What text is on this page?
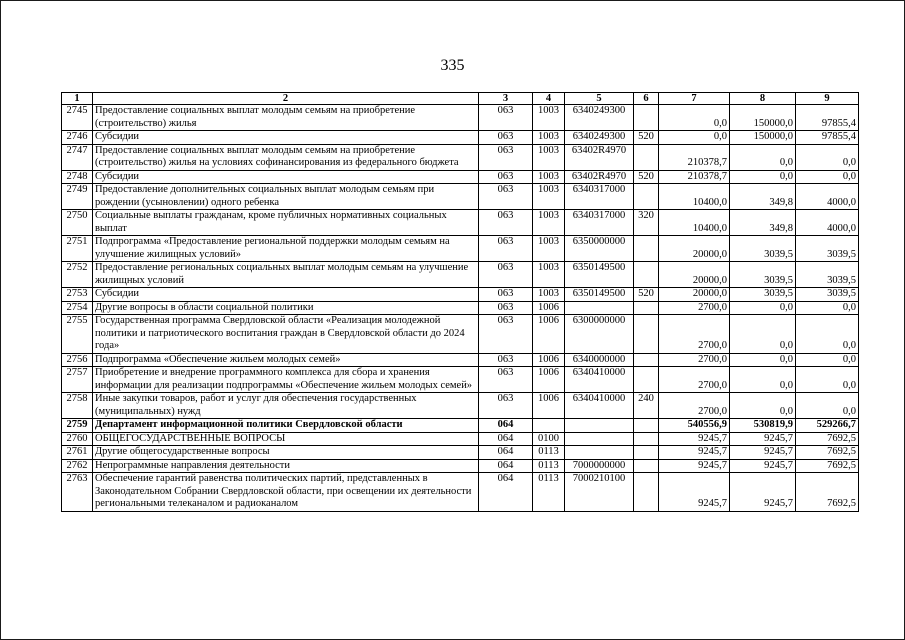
335
1	2	3	4	5	6	7	8	9
2745	Предоставление социальных выплат молодым семьям на приобретение (строительство) жилья	063	1003	6340249300		0,0	150000,0	97855,4
2746	Субсидии	063	1003	6340249300	520	0,0	150000,0	97855,4
2747	Предоставление социальных выплат молодым семьям на приобретение (строительство) жилья на условиях софинансирования из федерального бюджета	063	1003	63402R4970		210378,7	0,0	0,0
2748	Субсидии	063	1003	63402R4970	520	210378,7	0,0	0,0
2749	Предоставление дополнительных социальных выплат молодым семьям при рождении (усыновлении) одного ребенка	063	1003	6340317000		10400,0	349,8	4000,0
2750	Социальные выплаты гражданам, кроме публичных нормативных социальных выплат	063	1003	6340317000	320	10400,0	349,8	4000,0
2751	Подпрограмма «Предоставление региональной поддержки молодым семьям на улучшение жилищных условий»	063	1003	6350000000		20000,0	3039,5	3039,5
2752	Предоставление региональных социальных выплат молодым семьям на улучшение жилищных условий	063	1003	6350149500		20000,0	3039,5	3039,5
2753	Субсидии	063	1003	6350149500	520	20000,0	3039,5	3039,5
2754	Другие вопросы в области социальной политики	063	1006			2700,0	0,0	0,0
2755	Государственная программа Свердловской области «Реализация молодежной политики и патриотического воспитания граждан в Свердловской области до 2024 года»	063	1006	6300000000		2700,0	0,0	0,0
2756	Подпрограмма «Обеспечение жильем молодых семей»	063	1006	6340000000		2700,0	0,0	0,0
2757	Приобретение и внедрение программного комплекса для сбора и хранения информации для реализации подпрограммы «Обеспечение жильем молодых семей»	063	1006	6340410000		2700,0	0,0	0,0
2758	Иные закупки товаров, работ и услуг для обеспечения государственных (муниципальных) нужд	063	1006	6340410000	240	2700,0	0,0	0,0
2759	Департамент информационной политики Свердловской области	064				540556,9	530819,9	529266,7
2760	ОБЩЕГОСУДАРСТВЕННЫЕ ВОПРОСЫ	064	0100			9245,7	9245,7	7692,5
2761	Другие общегосударственные вопросы	064	0113			9245,7	9245,7	7692,5
2762	Непрограммные направления деятельности	064	0113	7000000000		9245,7	9245,7	7692,5
2763	Обеспечение гарантий равенства политических партий, представленных в Законодательном Собрании Свердловской области, при освещении их деятельности региональными телеканалом и радиоканалом	064	0113	7000210100		9245,7	9245,7	7692,5
